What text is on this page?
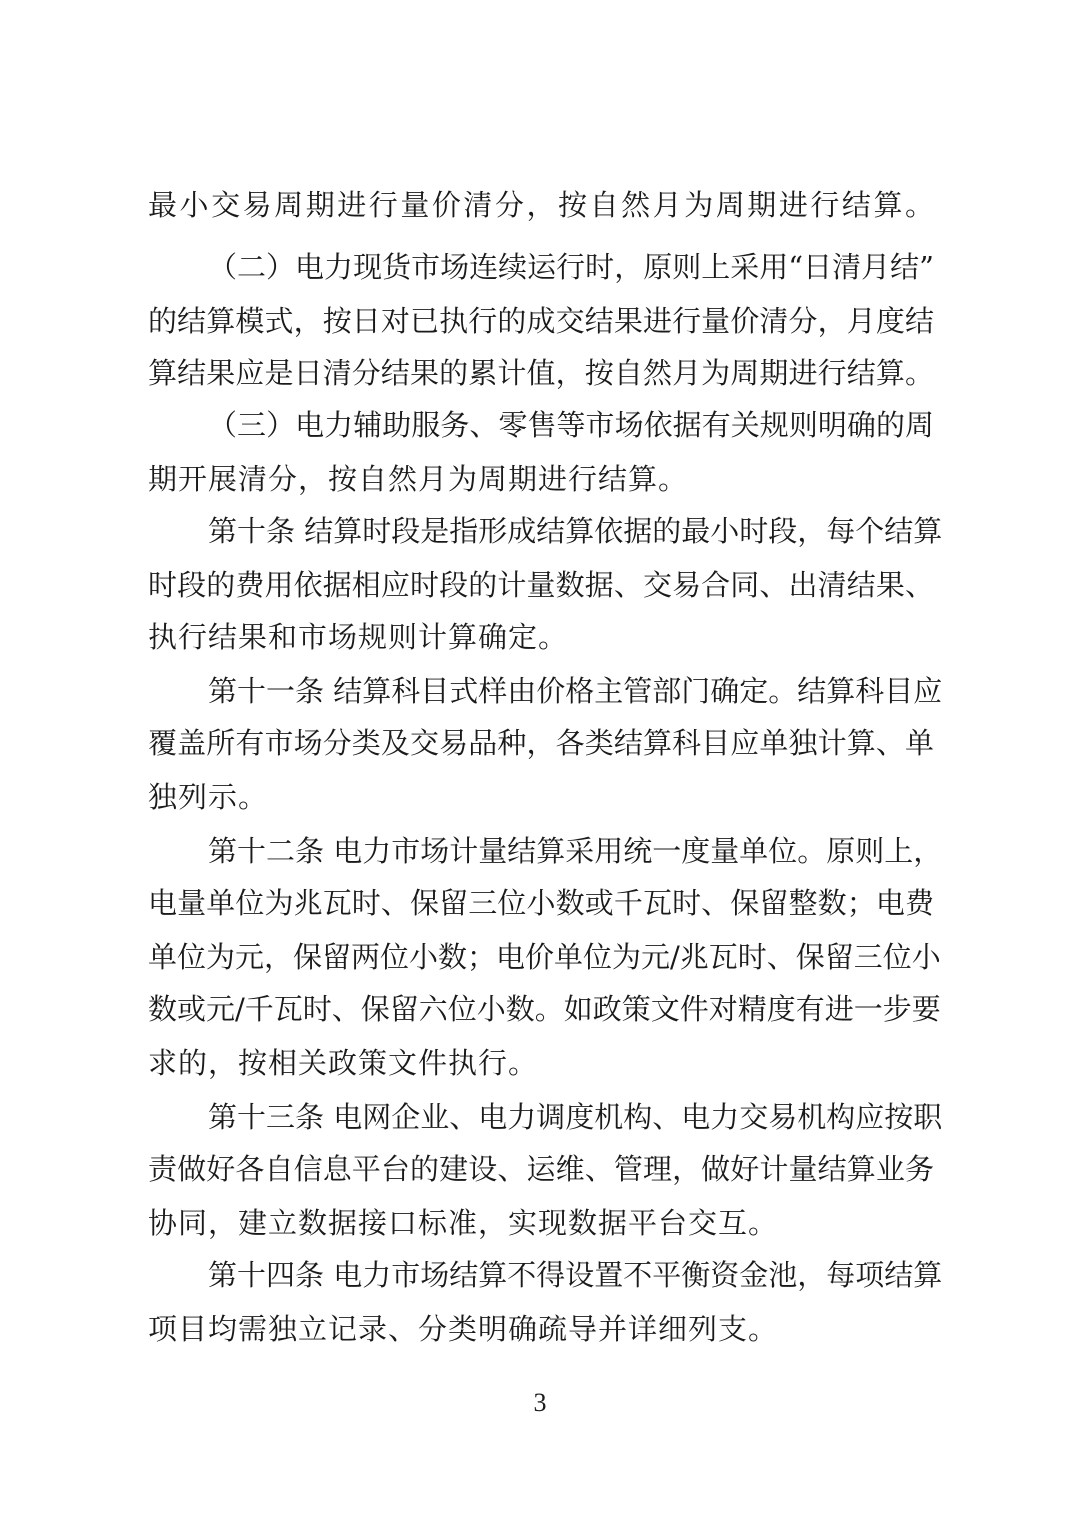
最小交易周期进行量价清分，按自然月为周期进行结算。
（二）电力现货市场连续运行时，原则上采用“日清月结”
的结算模式，按日对已执行的成交结果进行量价清分，月度结
算结果应是日清分结果的累计值，按自然月为周期进行结算。
（三）电力辅助服务、零售等市场依据有关规则明确的周
期开展清分，按自然月为周期进行结算。
第十条 结算时段是指形成结算依据的最小时段，每个结算
时段的费用依据相应时段的计量数据、交易合同、出清结果、
执行结果和市场规则计算确定。
第十一条 结算科目式样由价格主管部门确定。结算科目应
覆盖所有市场分类及交易品种，各类结算科目应单独计算、单
独列示。
第十二条 电力市场计量结算采用统一度量单位。原则上，
电量单位为兆瓦时、保留三位小数或千瓦时、保留整数；电费
单位为元，保留两位小数；电价单位为元/兆瓦时、保留三位小
数或元/千瓦时、保留六位小数。如政策文件对精度有进一步要
求的，按相关政策文件执行。
第十三条 电网企业、电力调度机构、电力交易机构应按职
责做好各自信息平台的建设、运维、管理，做好计量结算业务
协同，建立数据接口标准，实现数据平台交互。
第十四条 电力市场结算不得设置不平衡资金池，每项结算
项目均需独立记录、分类明确疏导并详细列支。
3
